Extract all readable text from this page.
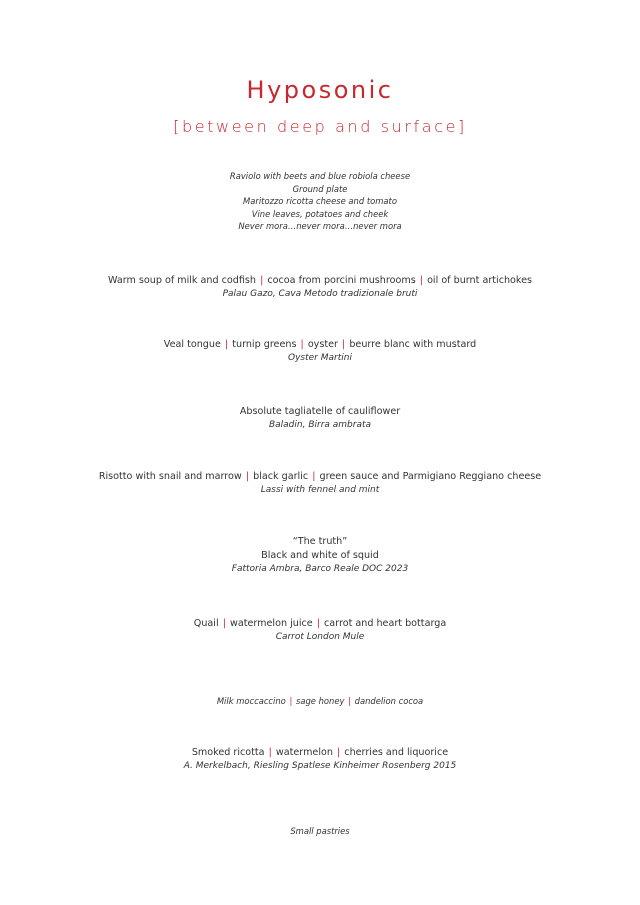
Hyposonic
[between deep and surface]
Raviolo with beets and blue robiola cheese
Ground plate
Maritozzo ricotta cheese and tomato
Vine leaves, potatoes and cheek
Never mora…never mora…never mora
Warm soup of milk and codfish | cocoa from porcini mushrooms | oil of burnt artichokes
Palau Gazo, Cava Metodo tradizionale bruti
Veal tongue | turnip greens | oyster | beurre blanc with mustard
Oyster Martini
Absolute tagliatelle of cauliflower
Baladin, Birra ambrata
Risotto with snail and marrow | black garlic | green sauce and Parmigiano Reggiano cheese
Lassi with fennel and mint
“The truth”
Black and white of squid
Fattoria Ambra, Barco Reale DOC 2023
Quail | watermelon juice | carrot and heart bottarga
Carrot London Mule
Milk moccaccino | sage honey | dandelion cocoa
Smoked ricotta | watermelon | cherries and liquorice
A. Merkelbach, Riesling Spatlese Kinheimer Rosenberg 2015
Small pastries
